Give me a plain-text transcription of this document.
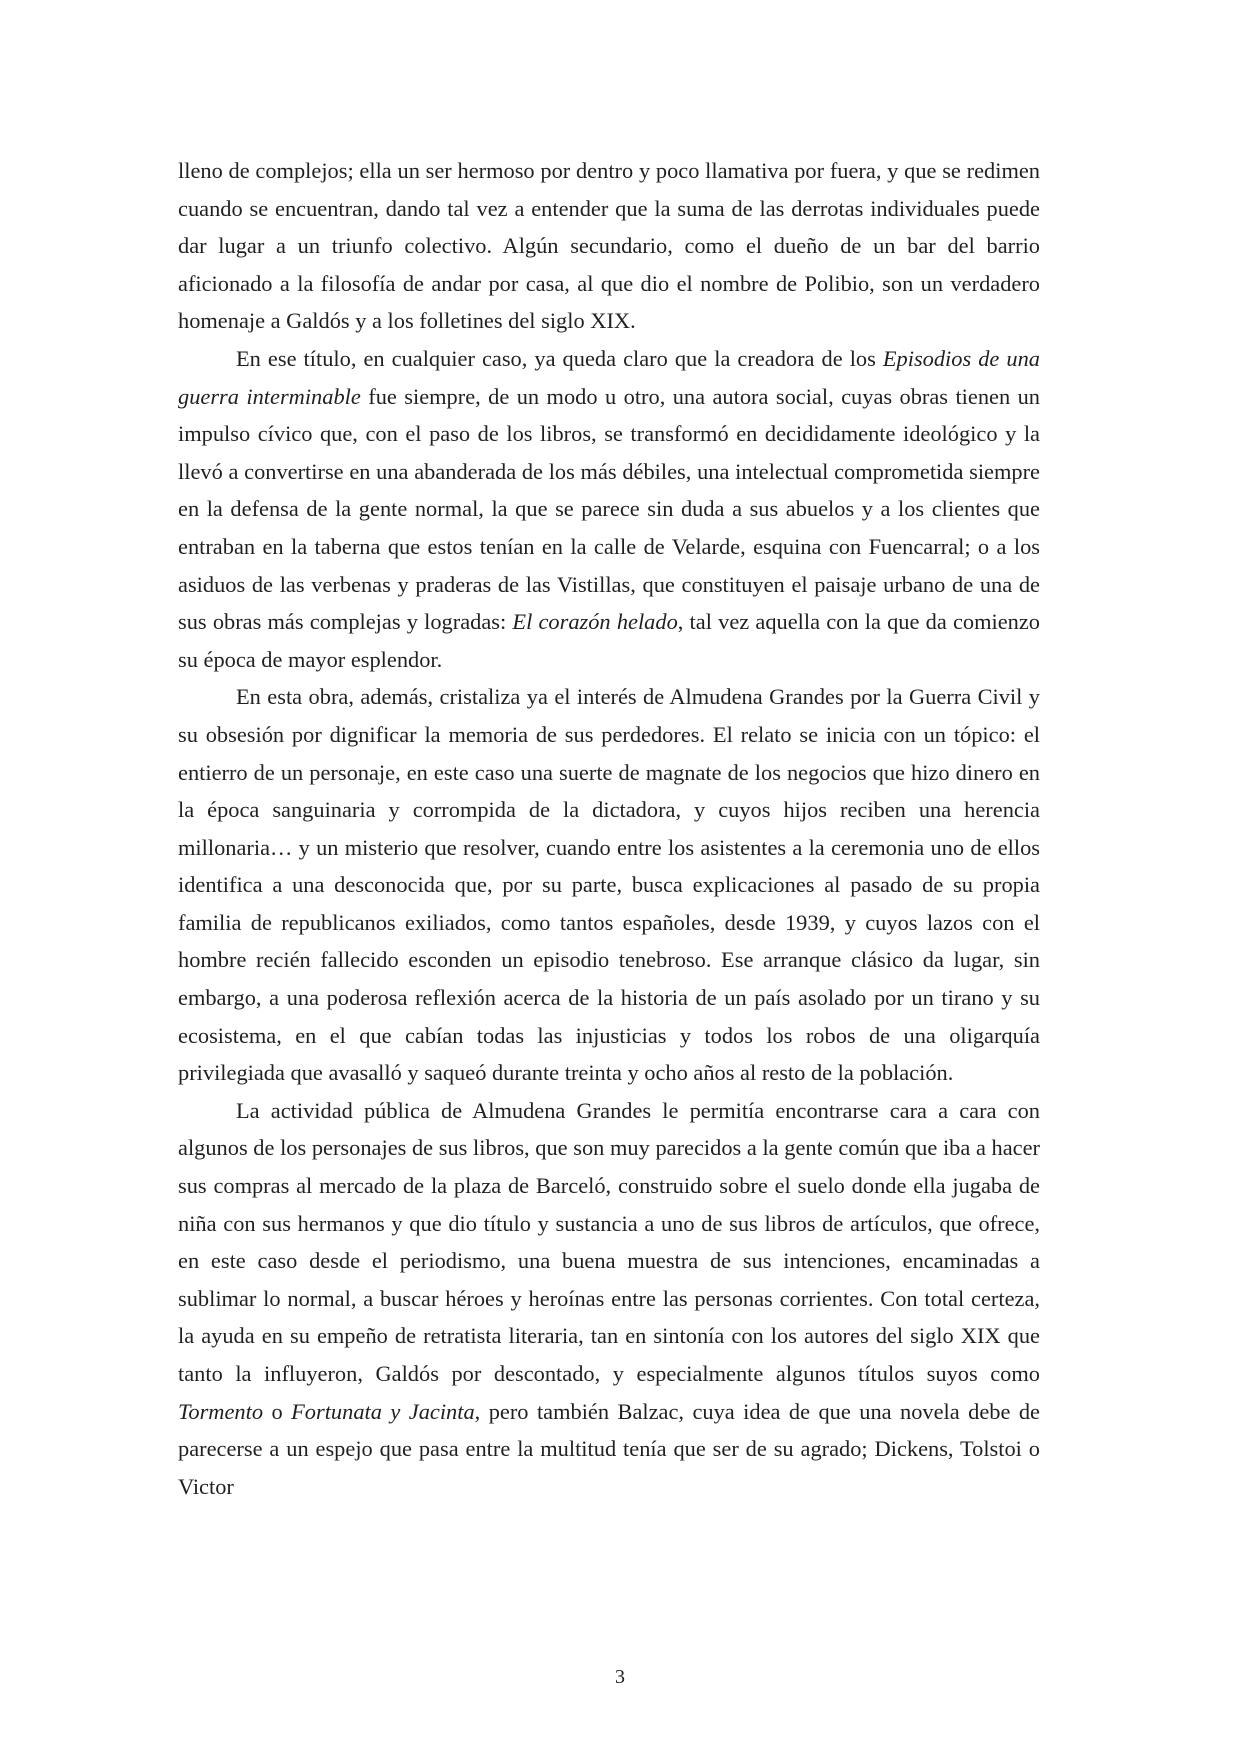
lleno de complejos; ella un ser hermoso por dentro y poco llamativa por fuera, y que se redimen cuando se encuentran, dando tal vez a entender que la suma de las derrotas individuales puede dar lugar a un triunfo colectivo. Algún secundario, como el dueño de un bar del barrio aficionado a la filosofía de andar por casa, al que dio el nombre de Polibio, son un verdadero homenaje a Galdós y a los folletines del siglo XIX.

En ese título, en cualquier caso, ya queda claro que la creadora de los Episodios de una guerra interminable fue siempre, de un modo u otro, una autora social, cuyas obras tienen un impulso cívico que, con el paso de los libros, se transformó en decididamente ideológico y la llevó a convertirse en una abanderada de los más débiles, una intelectual comprometida siempre en la defensa de la gente normal, la que se parece sin duda a sus abuelos y a los clientes que entraban en la taberna que estos tenían en la calle de Velarde, esquina con Fuencarral; o a los asiduos de las verbenas y praderas de las Vistillas, que constituyen el paisaje urbano de una de sus obras más complejas y logradas: El corazón helado, tal vez aquella con la que da comienzo su época de mayor esplendor.

En esta obra, además, cristaliza ya el interés de Almudena Grandes por la Guerra Civil y su obsesión por dignificar la memoria de sus perdedores. El relato se inicia con un tópico: el entierro de un personaje, en este caso una suerte de magnate de los negocios que hizo dinero en la época sanguinaria y corrompida de la dictadora, y cuyos hijos reciben una herencia millonaria… y un misterio que resolver, cuando entre los asistentes a la ceremonia uno de ellos identifica a una desconocida que, por su parte, busca explicaciones al pasado de su propia familia de republicanos exiliados, como tantos españoles, desde 1939, y cuyos lazos con el hombre recién fallecido esconden un episodio tenebroso. Ese arranque clásico da lugar, sin embargo, a una poderosa reflexión acerca de la historia de un país asolado por un tirano y su ecosistema, en el que cabían todas las injusticias y todos los robos de una oligarquía privilegiada que avasalló y saqueó durante treinta y ocho años al resto de la población.

La actividad pública de Almudena Grandes le permitía encontrarse cara a cara con algunos de los personajes de sus libros, que son muy parecidos a la gente común que iba a hacer sus compras al mercado de la plaza de Barceló, construido sobre el suelo donde ella jugaba de niña con sus hermanos y que dio título y sustancia a uno de sus libros de artículos, que ofrece, en este caso desde el periodismo, una buena muestra de sus intenciones, encaminadas a sublimar lo normal, a buscar héroes y heroínas entre las personas corrientes. Con total certeza, la ayuda en su empeño de retratista literaria, tan en sintonía con los autores del siglo XIX que tanto la influyeron, Galdós por descontado, y especialmente algunos títulos suyos como Tormento o Fortunata y Jacinta, pero también Balzac, cuya idea de que una novela debe de parecerse a un espejo que pasa entre la multitud tenía que ser de su agrado; Dickens, Tolstoi o Victor

3
